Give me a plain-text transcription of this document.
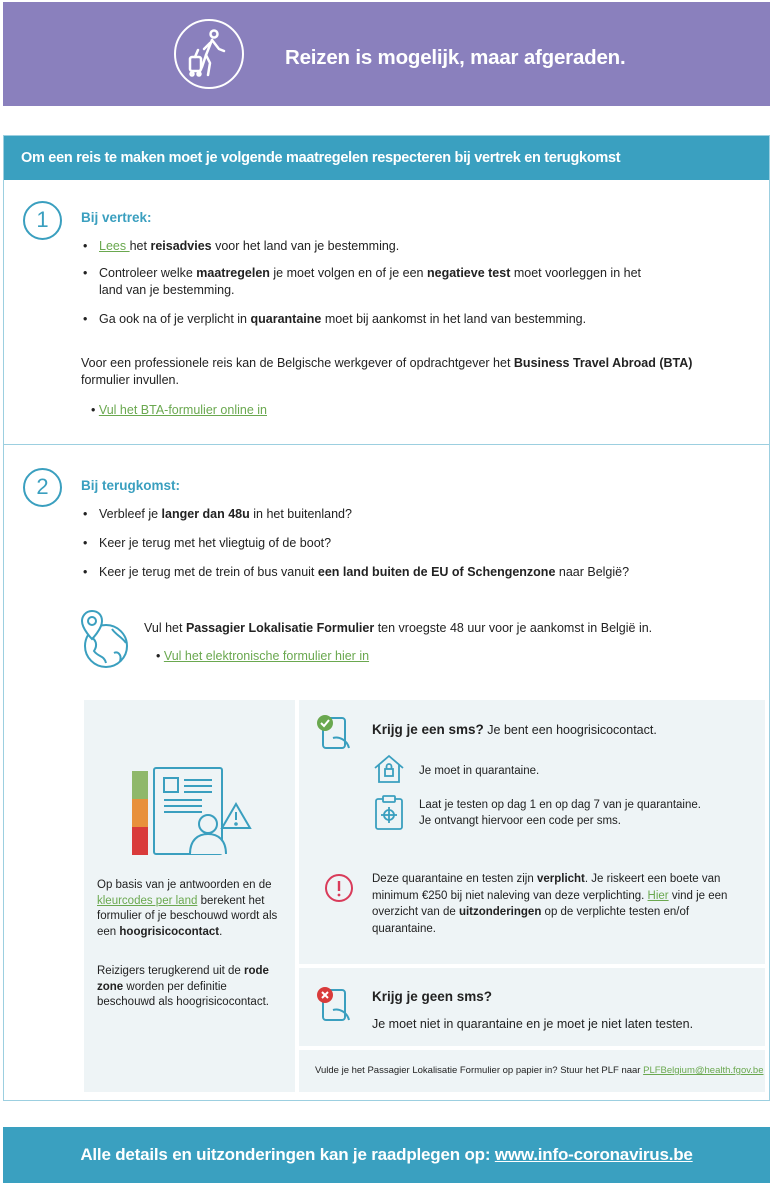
Reizen is mogelijk, maar afgeraden.
Om een reis te maken moet je volgende maatregelen respecteren bij vertrek en terugkomst
1	Bij vertrek:
• Lees het reisadvies voor het land van je bestemming.
• Controleer welke maatregelen je moet volgen en of je een negatieve test moet voorleggen in het land van je bestemming.
• Ga ook na of je verplicht in quarantaine moet bij aankomst in het land van bestemming.
Voor een professionele reis kan de Belgische werkgever of opdrachtgever het Business Travel Abroad (BTA) formulier invullen.
• Vul het BTA-formulier online in
2	Bij terugkomst:
• Verbleef je langer dan 48u in het buitenland?
• Keer je terug met het vliegtuig of de boot?
• Keer je terug met de trein of bus vanuit een land buiten de EU of Schengenzone naar België?
Vul het Passagier Lokalisatie Formulier ten vroegste 48 uur voor je aankomst in België in.
• Vul het elektronische formulier hier in
Op basis van je antwoorden en de kleurcodes per land berekent het formulier of je beschouwd wordt als een hoogrisicocontact.
Reizigers terugkerend uit de rode zone worden per definitie beschouwd als hoogrisicocontact.
Krijg je een sms? Je bent een hoogrisicocontact.
Je moet in quarantaine.
Laat je testen op dag 1 en op dag 7 van je quarantaine.
Je ontvangt hiervoor een code per sms.
Deze quarantaine en testen zijn verplicht. Je riskeert een boete van minimum €250 bij niet naleving van deze verplichting. Hier vind je een overzicht van de uitzonderingen op de verplichte testen en/of quarantaine.
Krijg je geen sms?
Je moet niet in quarantaine en je moet je niet laten testen.
Vulde je het Passagier Lokalisatie Formulier op papier in? Stuur het PLF naar PLFBelgium@health.fgov.be
Alle details en uitzonderingen kan je raadplegen op: www.info-coronavirus.be
